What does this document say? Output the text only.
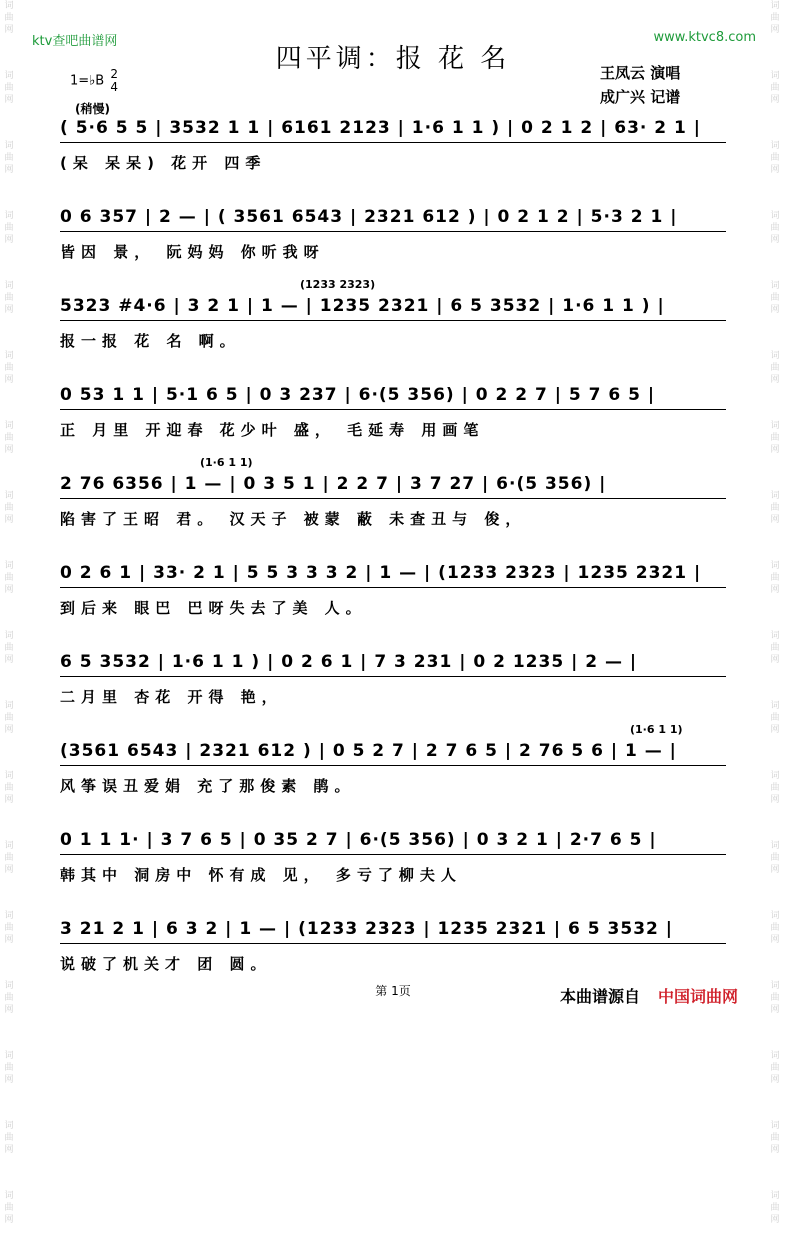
ktv查吧曲谱网	www.ktvc8.com
四平调：报 花 名	王凤云 演唱
成广兴 记谱
1=♭B 2
4
(稍慢)
词
曲
网
词
曲
网
词
曲
网
词
曲
网
词
曲
网
词
曲
网
词
曲
网
词
曲
网
词
曲
网
词
曲
网
词
曲
网
词
曲
网
词
曲
网
词
曲
网
词
曲
网
词
曲
网
词
曲
网
词
曲
网
词
曲
网
词
曲
网
词
曲
网
词
曲
网
词
曲
网
词
曲
网
词
曲
网
词
曲
网
词
曲
网
词
曲
网
词
曲
网
词
曲
网
词
曲
网
词
曲
网
词
曲
网
词
曲
网
词
曲
网
词
曲
网
( 5·6 5 5 | 3532 1 1 | 6161 2123 | 1·6 1 1 ) | 0 2 1 2 | 63· 2 1 |
(呆 呆呆) 花开 四季
0 6 357 | 2 — | ( 3561 6543 | 2321 612 ) | 0 2 1 2 | 5·3 2 1 |
皆因 景， 阮妈妈 你听我呀
(1233 2323)
5323 #4·6 | 3 2 1 | 1 — | 1235 2321 | 6 5 3532 | 1·6 1 1 ) |
报一报 花 名 啊。
0 53 1 1 | 5·1 6 5 | 0 3 237 | 6·(5 356) | 0 2 2 7 | 5 7 6 5 |
正 月里 开迎春 花少叶 盛， 毛延寿 用画笔
(1·6 1 1)
2 76 6356 | 1 — | 0 3 5 1 | 2 2 7 | 3 7 27 | 6·(5 356) |
陷害了王昭 君。 汉天子 被蒙 蔽 未查丑与 俊，
0 2 6 1 | 33· 2 1 | 5 5 3 3 3 2 | 1 — | (1233 2323 | 1235 2321 |
到后来 眼巴 巴呀失去了美 人。
6 5 3532 | 1·6 1 1 ) | 0 2 6 1 | 7 3 231 | 0 2 1235 | 2 — |
二月里 杏花 开得 艳，
(1·6 1 1)
(3561 6543 | 2321 612 ) | 0 5 2 7 | 2 7 6 5 | 2 76 5 6 | 1 — |
风筝误丑爱娟 充了那俊素 鹃。
0 1 1 1· | 3 7 6 5 | 0 35 2 7 | 6·(5 356) | 0 3 2 1 | 2·7 6 5 |
韩其中 洞房中 怀有成 见， 多亏了柳夫人
3 21 2 1 | 6 3 2 | 1 — | (1233 2323 | 1235 2321 | 6 5 3532 |
说破了机关才 团 圆。
第 1页	本曲谱源自 中国词曲网
